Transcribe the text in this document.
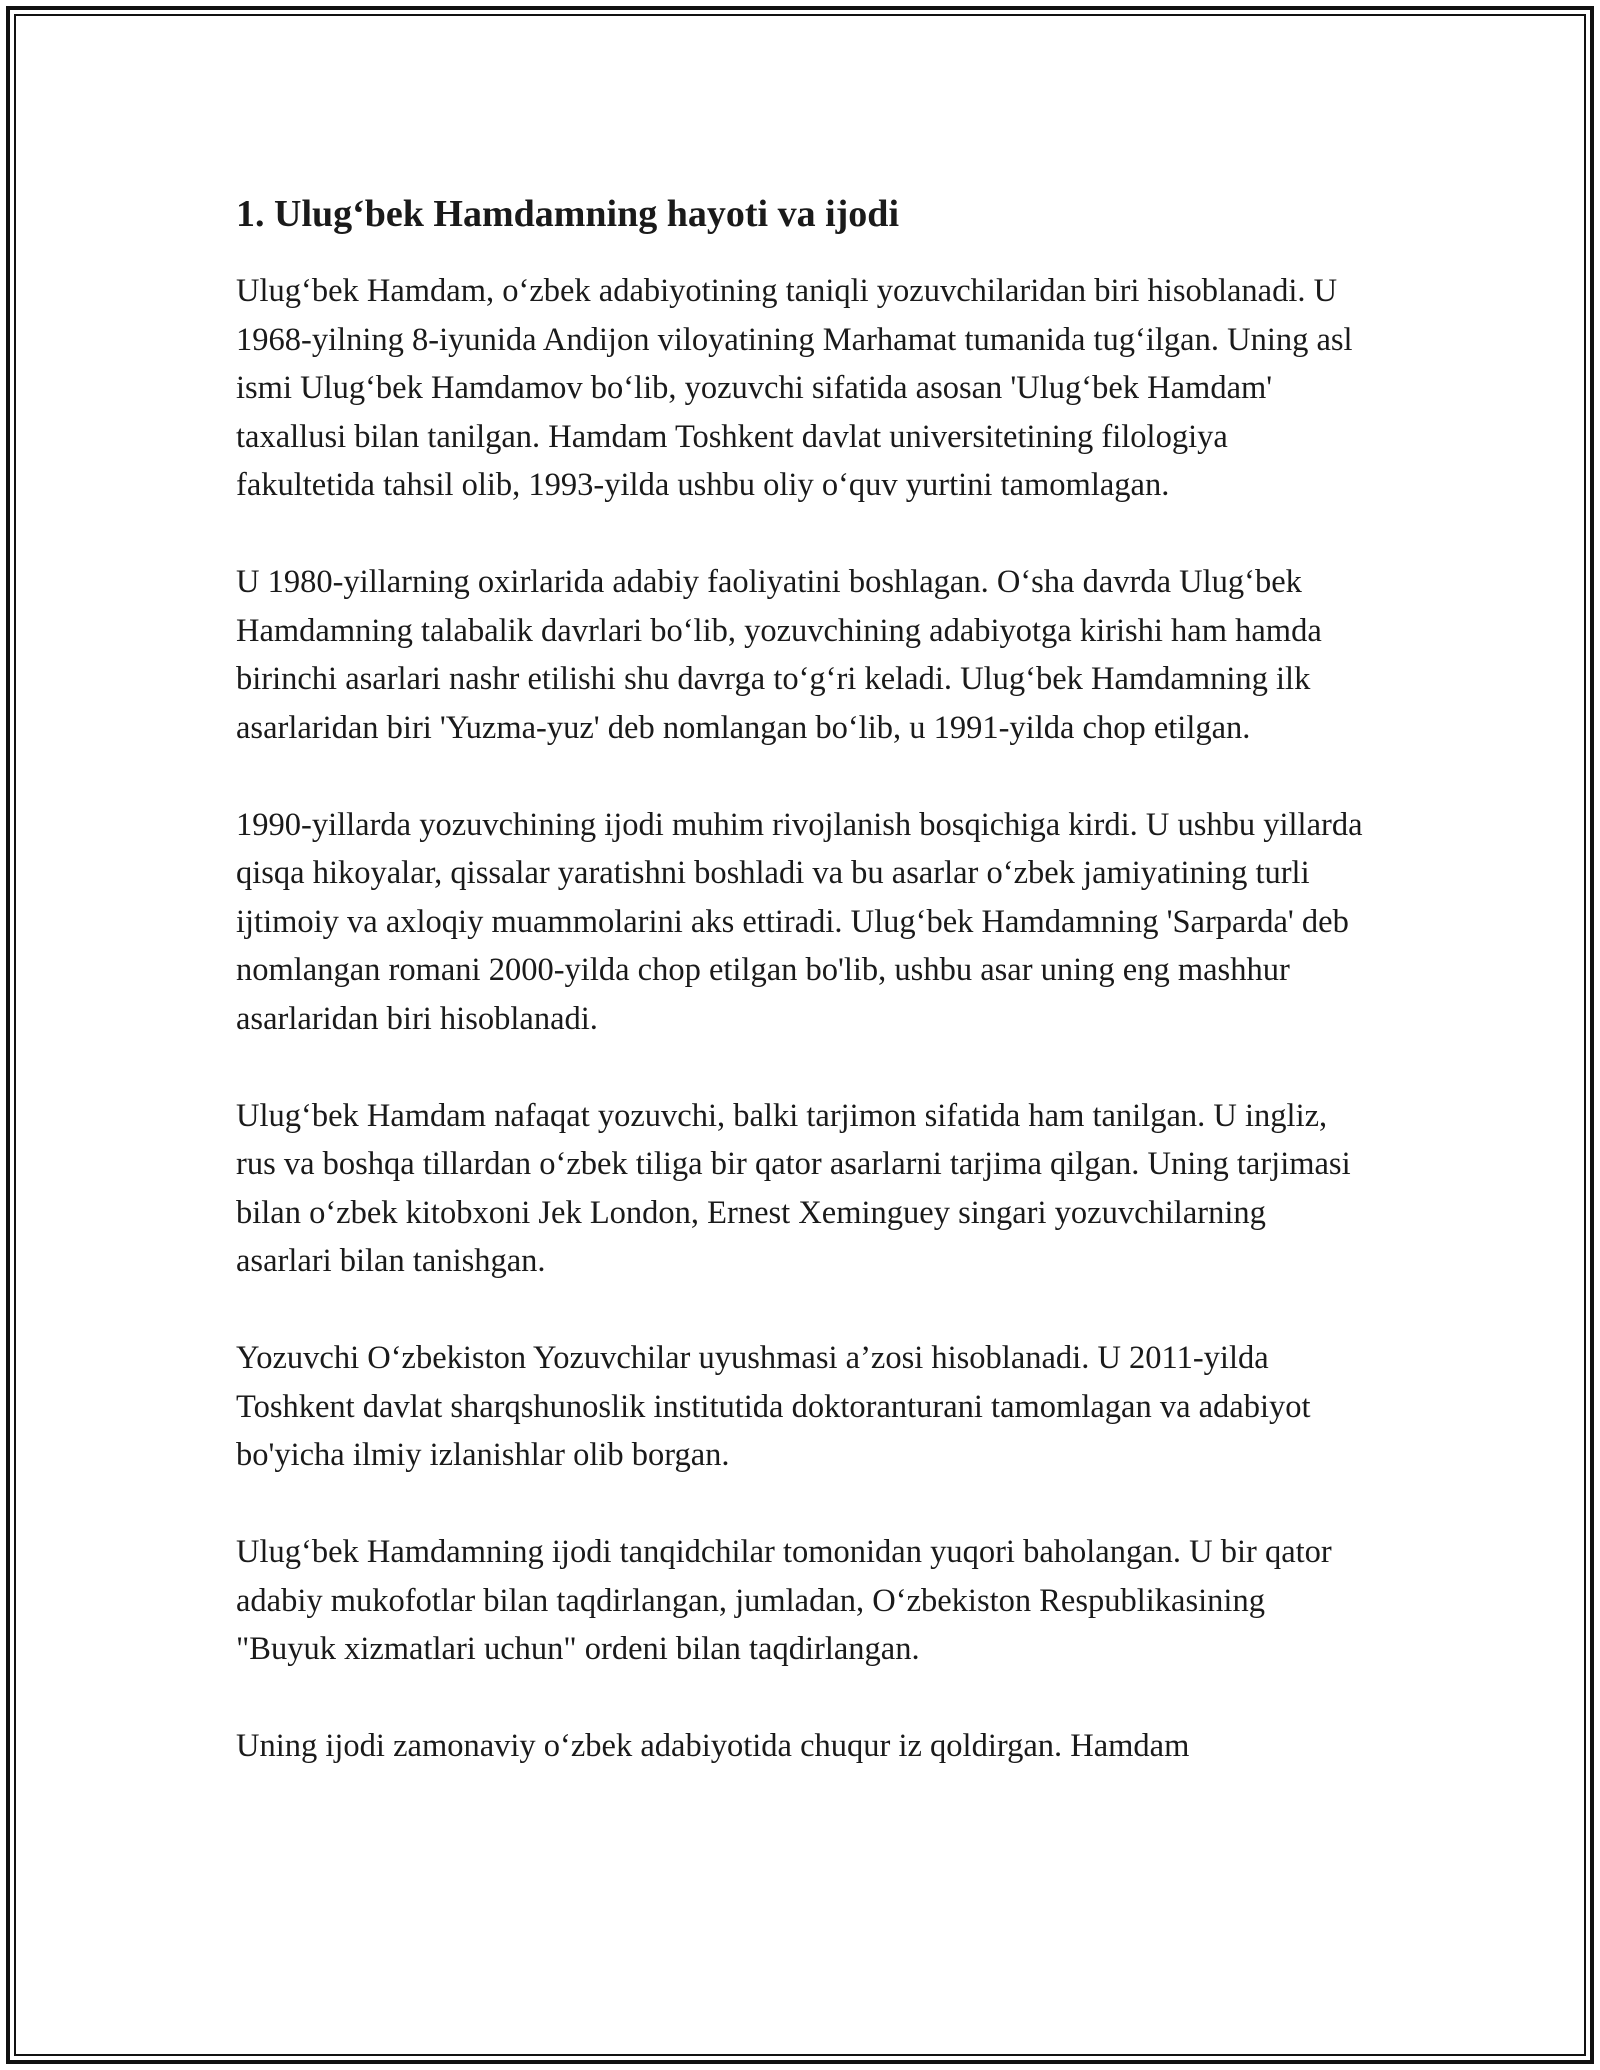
1. Ulug‘bek Hamdamning hayoti va ijodi

Ulug‘bek Hamdam, o‘zbek adabiyotining taniqli yozuvchilaridan biri hisoblanadi. U 1968-yilning 8-iyunida Andijon viloyatining Marhamat tumanida tug‘ilgan. Uning asl ismi Ulug‘bek Hamdamov bo‘lib, yozuvchi sifatida asosan 'Ulug‘bek Hamdam' taxallusi bilan tanilgan. Hamdam Toshkent davlat universitetining filologiya fakultetida tahsil olib, 1993-yilda ushbu oliy o‘quv yurtini tamomlagan.

U 1980-yillarning oxirlarida adabiy faoliyatini boshlagan. O‘sha davrda Ulug‘bek Hamdamning talabalik davrlari bo‘lib, yozuvchining adabiyotga kirishi ham hamda birinchi asarlari nashr etilishi shu davrga to‘g‘ri keladi. Ulug‘bek Hamdamning ilk asarlaridan biri 'Yuzma-yuz' deb nomlangan bo‘lib, u 1991-yilda chop etilgan.

1990-yillarda yozuvchining ijodi muhim rivojlanish bosqichiga kirdi. U ushbu yillarda qisqa hikoyalar, qissalar yaratishni boshladi va bu asarlar o‘zbek jamiyatining turli ijtimoiy va axloqiy muammolarini aks ettiradi. Ulug‘bek Hamdamning 'Sarparda' deb nomlangan romani 2000-yilda chop etilgan bo'lib, ushbu asar uning eng mashhur asarlaridan biri hisoblanadi.

Ulug‘bek Hamdam nafaqat yozuvchi, balki tarjimon sifatida ham tanilgan. U ingliz, rus va boshqa tillardan o‘zbek tiliga bir qator asarlarni tarjima qilgan. Uning tarjimasi bilan o‘zbek kitobxoni Jek London, Ernest Xeminguey singari yozuvchilarning asarlari bilan tanishgan.

Yozuvchi O‘zbekiston Yozuvchilar uyushmasi a’zosi hisoblanadi. U 2011-yilda Toshkent davlat sharqshunoslik institutida doktoranturani tamomlagan va adabiyot bo'yicha ilmiy izlanishlar olib borgan.

Ulug‘bek Hamdamning ijodi tanqidchilar tomonidan yuqori baholangan. U bir qator adabiy mukofotlar bilan taqdirlangan, jumladan, O‘zbekiston Respublikasining "Buyuk xizmatlari uchun" ordeni bilan taqdirlangan.

Uning ijodi zamonaviy o‘zbek adabiyotida chuqur iz qoldirgan. Hamdam
